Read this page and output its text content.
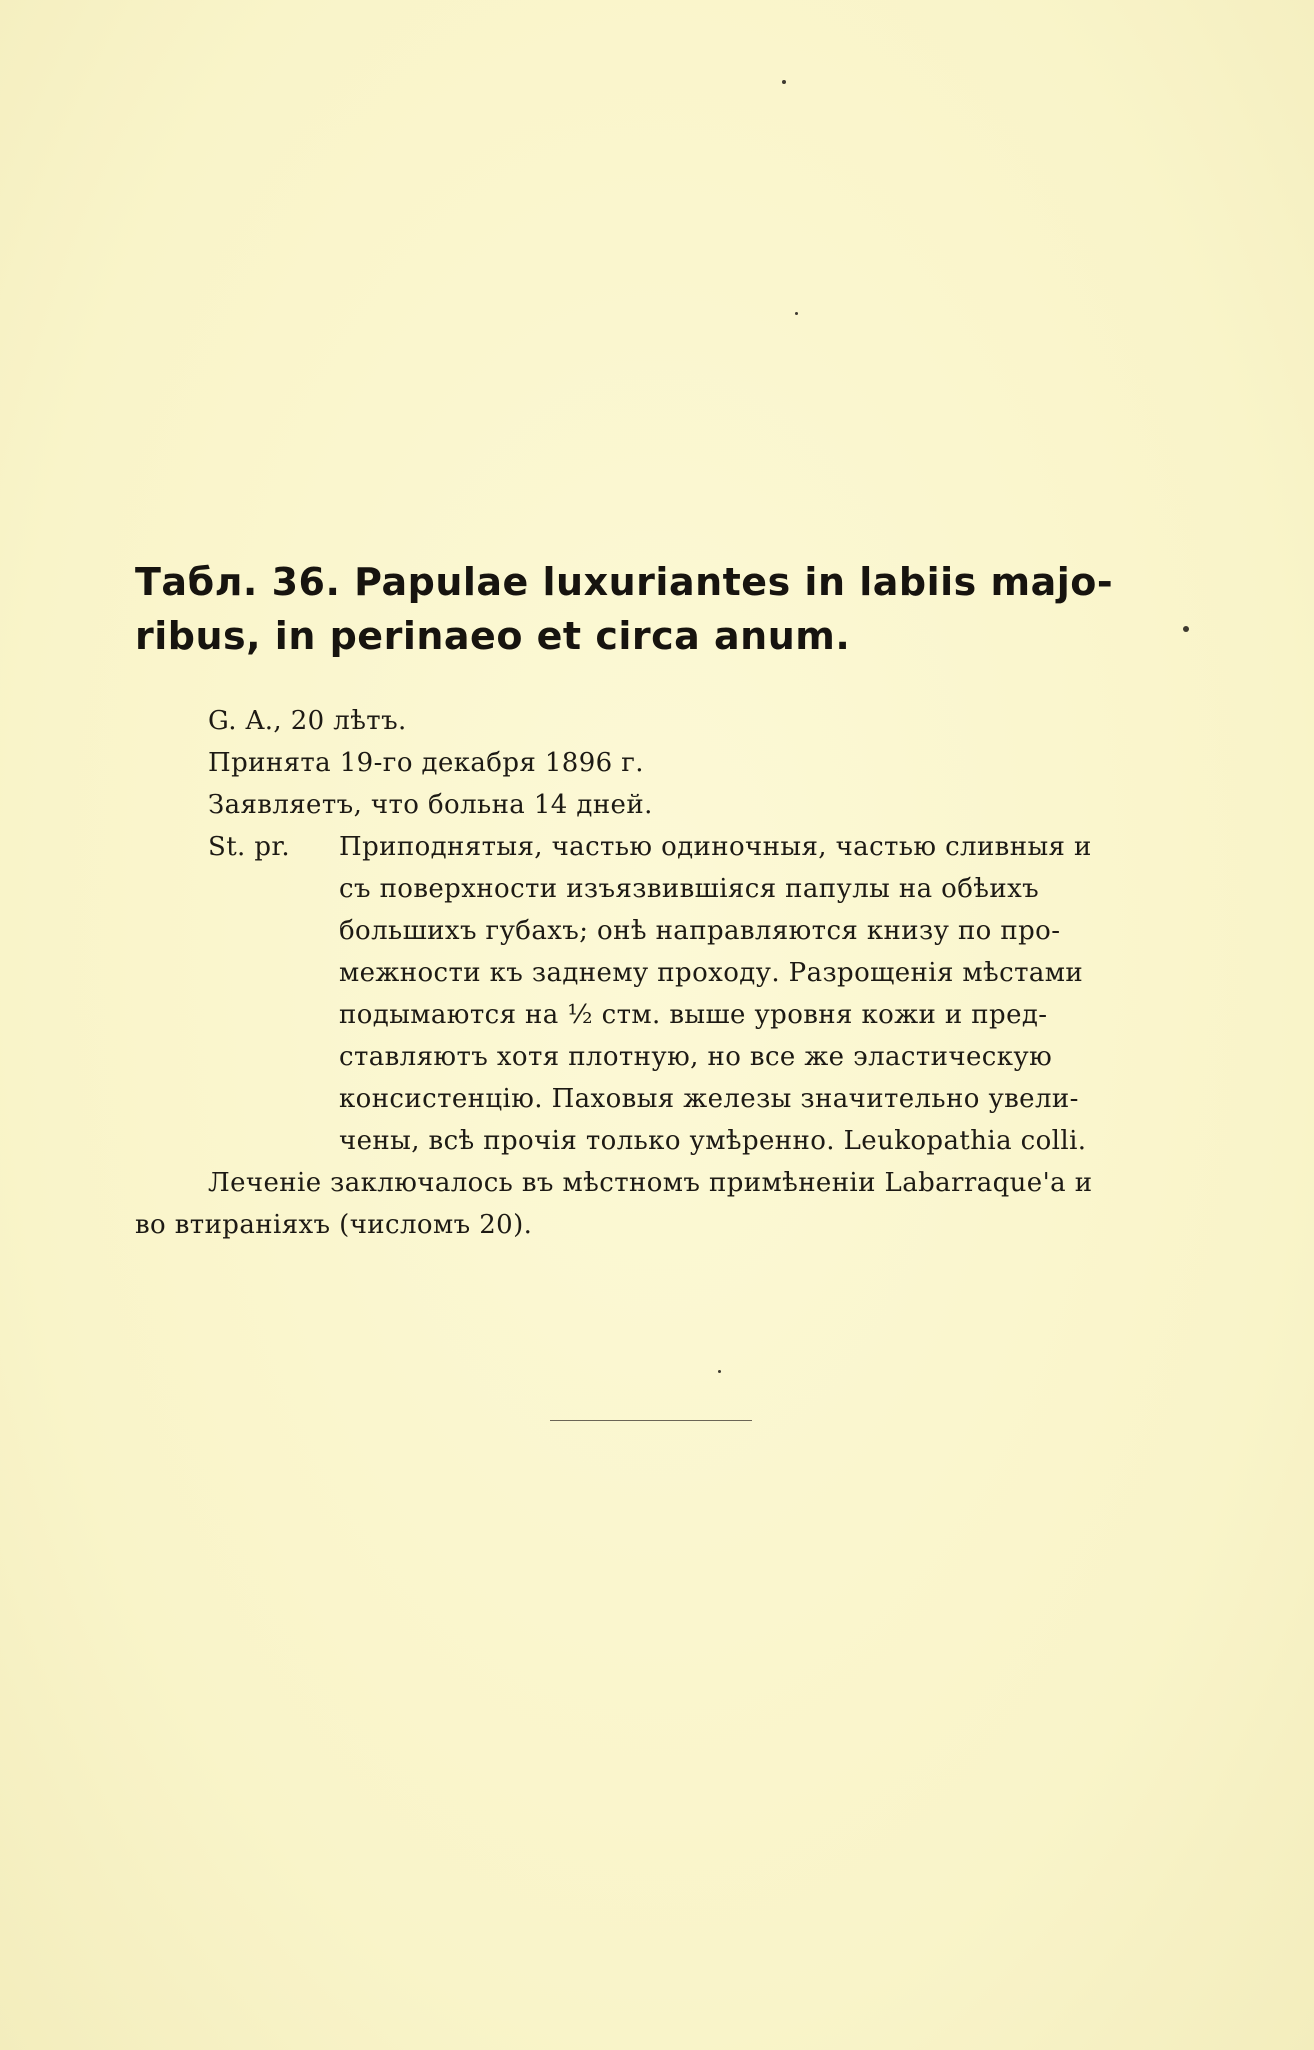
Табл. 36. Papulae luxuriantes in labiis majo-
ribus, in perinaeo et circa anum.
G. A., 20 лѣтъ.
Принята 19-го декабря 1896 г.
Заявляетъ, что больна 14 дней.
St. pr. Приподнятыя, частью одиночныя, частью сливныя и
съ поверхности изъязвившіяся папулы на обѣихъ
большихъ губахъ; онѣ направляются книзу по про-
межности къ заднему проходу. Разрощенія мѣстами
подымаются на ½ стм. выше уровня кожи и пред-
ставляютъ хотя плотную, но все же эластическую
консистенцію. Паховыя железы значительно увели-
чены, всѣ прочія только умѣренно. Leukopathia colli.
Леченіе заключалось въ мѣстномъ примѣненіи Labarraque'a и
во втираніяхъ (числомъ 20).
